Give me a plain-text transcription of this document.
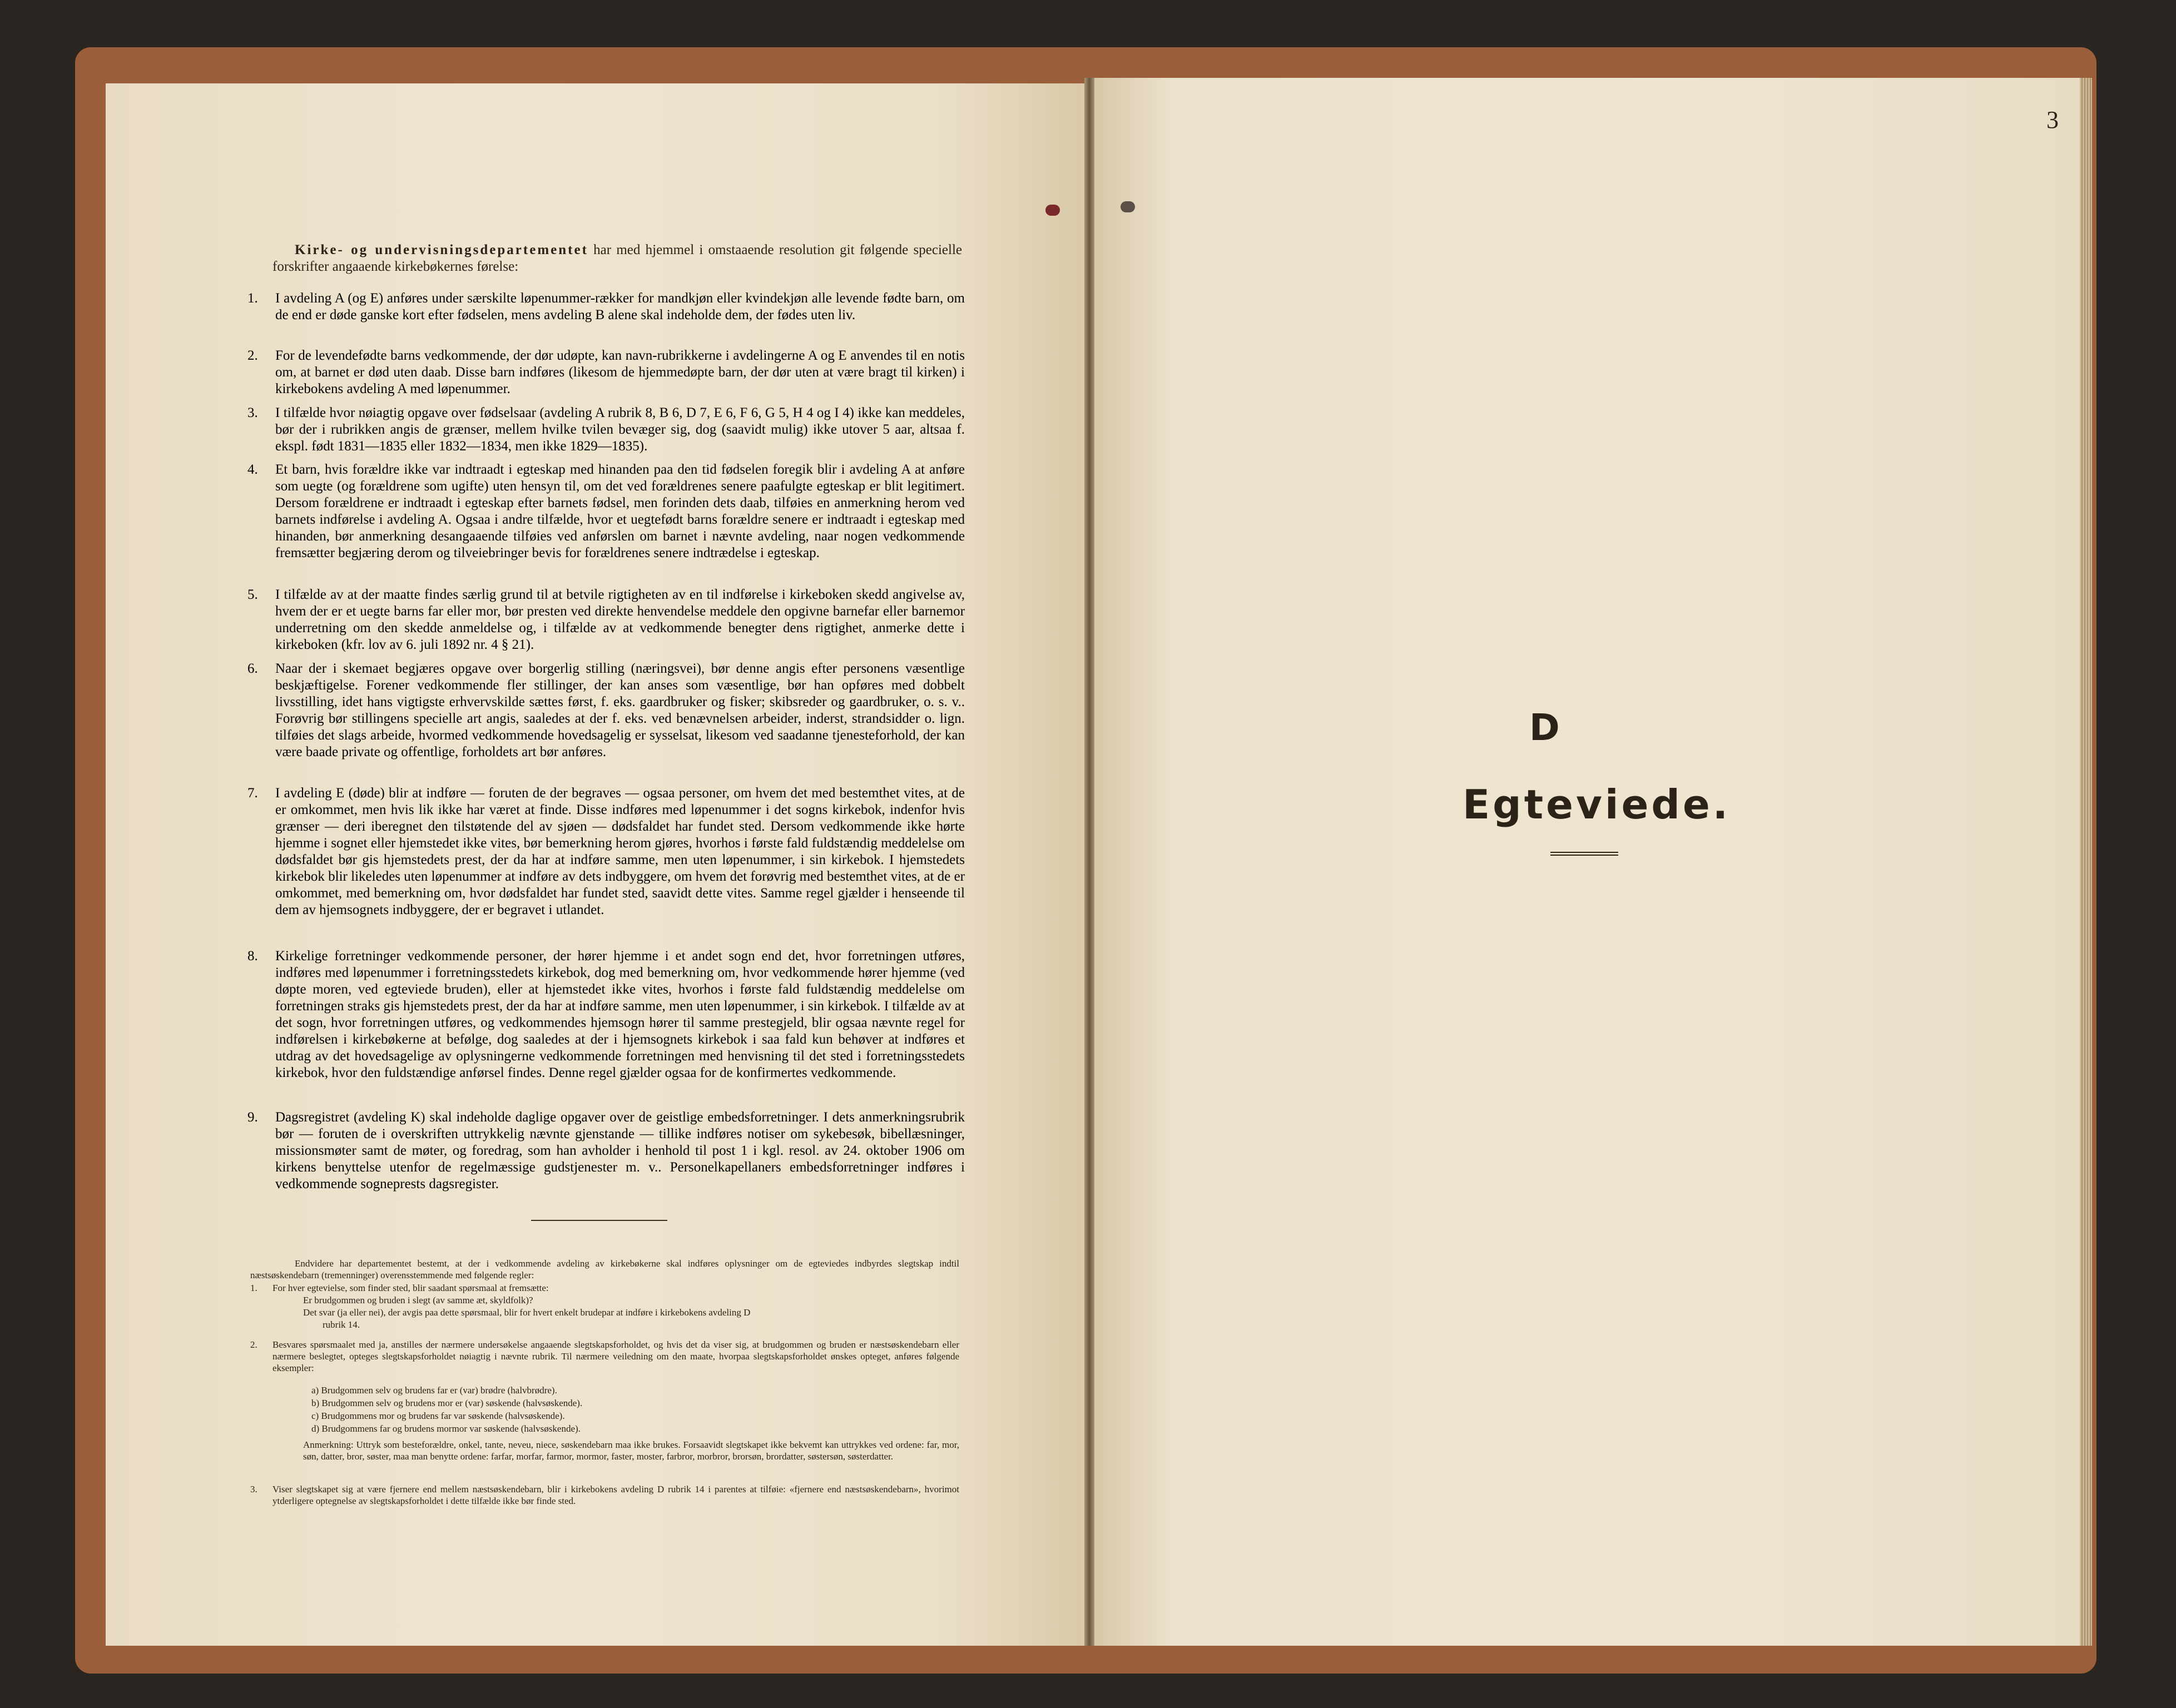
Kirke- og undervisningsdepartementet har med hjemmel i omstaaende resolution git følgende specielle forskrifter angaaende kirkebøkernes førelse:
1.	I avdeling A (og E) anføres under særskilte løpenummer-rækker for mandkjøn eller kvindekjøn alle levende fødte barn, om de end er døde ganske kort efter fødselen, mens avdeling B alene skal indeholde dem, der fødes uten liv.
2.	For de levendefødte barns vedkommende, der dør udøpte, kan navn-rubrikkerne i avdelingerne A og E anvendes til en notis om, at barnet er død uten daab. Disse barn indføres (likesom de hjemmedøpte barn, der dør uten at være bragt til kirken) i kirkebokens avdeling A med løpenummer.
3.	I tilfælde hvor nøiagtig opgave over fødselsaar (avdeling A rubrik 8, B 6, D 7, E 6, F 6, G 5, H 4 og I 4) ikke kan meddeles, bør der i rubrikken angis de grænser, mellem hvilke tvilen bevæger sig, dog (saavidt mulig) ikke utover 5 aar, altsaa f. ekspl. født 1831—1835 eller 1832—1834, men ikke 1829—1835).
4.	Et barn, hvis forældre ikke var indtraadt i egteskap med hinanden paa den tid fødselen foregik blir i avdeling A at anføre som uegte (og forældrene som ugifte) uten hensyn til, om det ved forældrenes senere paafulgte egteskap er blit legitimert. Dersom forældrene er indtraadt i egteskap efter barnets fødsel, men forinden dets daab, tilføies en anmerkning herom ved barnets indførelse i avdeling A. Ogsaa i andre tilfælde, hvor et uegtefødt barns forældre senere er indtraadt i egteskap med hinanden, bør anmerkning desangaaende tilføies ved anførslen om barnet i nævnte avdeling, naar nogen vedkommende fremsætter begjæring derom og tilveiebringer bevis for forældrenes senere indtrædelse i egteskap.
5.	I tilfælde av at der maatte findes særlig grund til at betvile rigtigheten av en til indførelse i kirkeboken skedd angivelse av, hvem der er et uegte barns far eller mor, bør presten ved direkte henvendelse meddele den opgivne barnefar eller barnemor underretning om den skedde anmeldelse og, i tilfælde av at vedkommende benegter dens rigtighet, anmerke dette i kirkeboken (kfr. lov av 6. juli 1892 nr. 4 § 21).
6.	Naar der i skemaet begjæres opgave over borgerlig stilling (næringsvei), bør denne angis efter personens væsentlige beskjæftigelse. Forener vedkommende fler stillinger, der kan anses som væsentlige, bør han opføres med dobbelt livsstilling, idet hans vigtigste erhvervskilde sættes først, f. eks. gaardbruker og fisker; skibsreder og gaardbruker, o. s. v.. Forøvrig bør stillingens specielle art angis, saaledes at der f. eks. ved benævnelsen arbeider, inderst, strandsidder o. lign. tilføies det slags arbeide, hvormed vedkommende hovedsagelig er sysselsat, likesom ved saadanne tjenesteforhold, der kan være baade private og offentlige, forholdets art bør anføres.
7.	I avdeling E (døde) blir at indføre — foruten de der begraves — ogsaa personer, om hvem det med bestemthet vites, at de er omkommet, men hvis lik ikke har været at finde. Disse indføres med løpenummer i det sogns kirkebok, indenfor hvis grænser — deri iberegnet den tilstøtende del av sjøen — dødsfaldet har fundet sted. Dersom vedkommende ikke hørte hjemme i sognet eller hjemstedet ikke vites, bør bemerkning herom gjøres, hvorhos i første fald fuldstændig meddelelse om dødsfaldet bør gis hjemstedets prest, der da har at indføre samme, men uten løpenummer, i sin kirkebok. I hjemstedets kirkebok blir likeledes uten løpenummer at indføre av dets indbyggere, om hvem det forøvrig med bestemthet vites, at de er omkommet, med bemerkning om, hvor dødsfaldet har fundet sted, saavidt dette vites. Samme regel gjælder i henseende til dem av hjemsognets indbyggere, der er begravet i utlandet.
8.	Kirkelige forretninger vedkommende personer, der hører hjemme i et andet sogn end det, hvor forretningen utføres, indføres med løpenummer i forretningsstedets kirkebok, dog med bemerkning om, hvor vedkommende hører hjemme (ved døpte moren, ved egteviede bruden), eller at hjemstedet ikke vites, hvorhos i første fald fuldstændig meddelelse om forretningen straks gis hjemstedets prest, der da har at indføre samme, men uten løpenummer, i sin kirkebok. I tilfælde av at det sogn, hvor forretningen utføres, og vedkommendes hjemsogn hører til samme prestegjeld, blir ogsaa nævnte regel for indførelsen i kirkebøkerne at befølge, dog saaledes at der i hjemsognets kirkebok i saa fald kun behøver at indføres et utdrag av det hovedsagelige av oplysningerne vedkommende forretningen med henvisning til det sted i forretningsstedets kirkebok, hvor den fuldstændige anførsel findes. Denne regel gjælder ogsaa for de konfirmertes vedkommende.
9.	Dagsregistret (avdeling K) skal indeholde daglige opgaver over de geistlige embedsforretninger. I dets anmerkningsrubrik bør — foruten de i overskriften uttrykkelig nævnte gjenstande — tillike indføres notiser om sykebesøk, bibellæsninger, missionsmøter samt de møter, og foredrag, som han avholder i henhold til post 1 i kgl. resol. av 24. oktober 1906 om kirkens benyttelse utenfor de regelmæssige gudstjenester m. v.. Personelkapellaners embedsforretninger indføres i vedkommende sogneprests dagsregister.
Endvidere har departementet bestemt, at der i vedkommende avdeling av kirkebøkerne skal indføres oplysninger om de egteviedes indbyrdes slegtskap indtil næstsøskendebarn (tremenninger) overensstemmende med følgende regler:
1.	For hver egtevielse, som finder sted, blir saadant spørsmaal at fremsætte:
Er brudgommen og bruden i slegt (av samme æt, skyldfolk)?
Det svar (ja eller nei), der avgis paa dette spørsmaal, blir for hvert enkelt brudepar at indføre i kirkebokens avdeling D
rubrik 14.
2.	Besvares spørsmaalet med ja, anstilles der nærmere undersøkelse angaaende slegtskapsforholdet, og hvis det da viser sig, at brudgommen og bruden er næstsøskendebarn eller nærmere beslegtet, opteges slegtskapsforholdet nøiagtig i nævnte rubrik. Til nærmere veiledning om den maate, hvorpaa slegtskapsforholdet ønskes opteget, anføres følgende eksempler:
a) Brudgommen selv og brudens far er (var) brødre (halvbrødre).
b) Brudgommen selv og brudens mor er (var) søskende (halvsøskende).
c) Brudgommens mor og brudens far var søskende (halvsøskende).
d) Brudgommens far og brudens mormor var søskende (halvsøskende).
Anmerkning: Uttryk som besteforældre, onkel, tante, neveu, niece, søskendebarn maa ikke brukes. Forsaavidt slegtskapet ikke bekvemt kan uttrykkes ved ordene: far, mor, søn, datter, bror, søster, maa man benytte ordene: farfar, morfar, farmor, mormor, faster, moster, farbror, morbror, brorsøn, brordatter, søstersøn, søsterdatter.
3.	Viser slegtskapet sig at være fjernere end mellem næstsøskendebarn, blir i kirkebokens avdeling D rubrik 14 i parentes at tilføie: «fjernere end næstsøskendebarn», hvorimot ytderligere optegnelse av slegtskapsforholdet i dette tilfælde ikke bør finde sted.
3
D
Egteviede.
